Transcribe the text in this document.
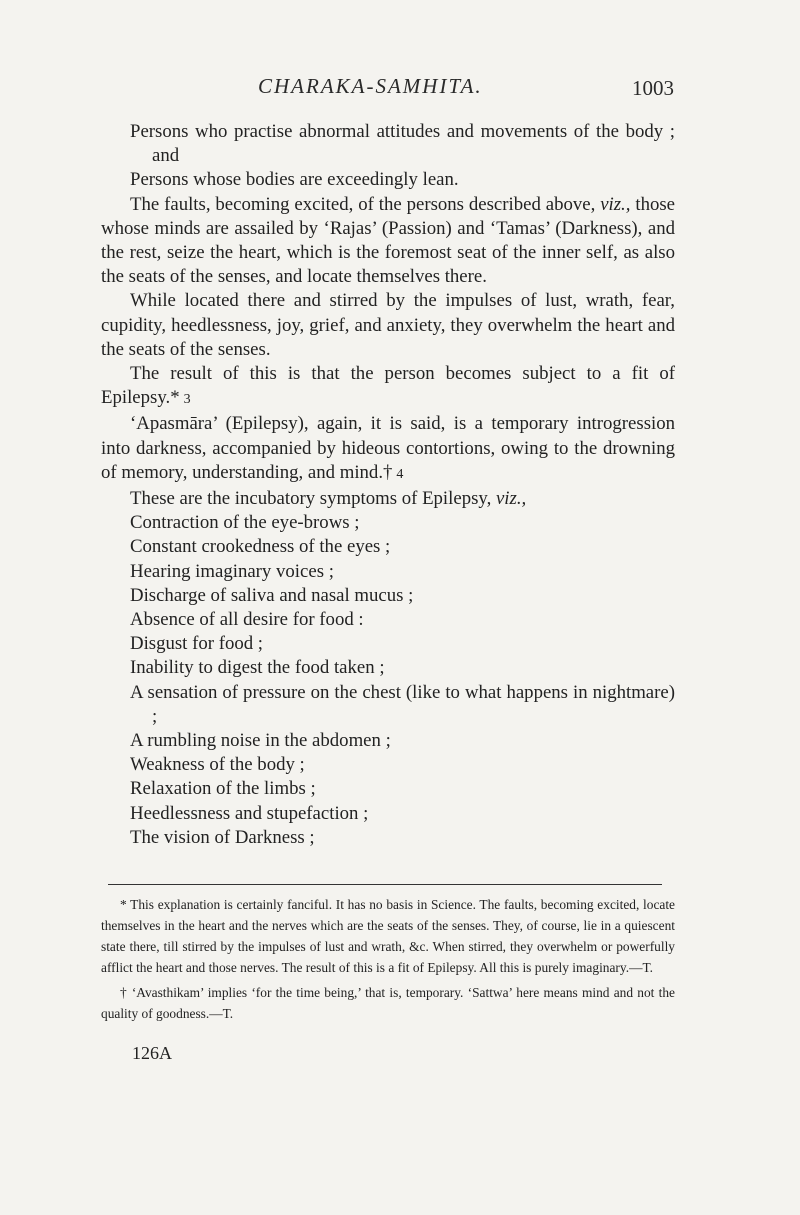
CHARAKA-SAMHITA.	1003

Persons who practise abnormal attitudes and movements of the body ; and

Persons whose bodies are exceedingly lean.

The faults, becoming excited, of the persons described above, viz., those whose minds are assailed by ‘Rajas’ (Passion) and ‘Tamas’ (Darkness), and the rest, seize the heart, which is the foremost seat of the inner self, as also the seats of the senses, and locate themselves there.

While located there and stirred by the impulses of lust, wrath, fear, cupidity, heedlessness, joy, grief, and anxiety, they overwhelm the heart and the seats of the senses.

The result of this is that the person becomes subject to a fit of Epilepsy.* 3

‘Apasmāra’ (Epilepsy), again, it is said, is a temporary introgression into darkness, accompanied by hideous contortions, owing to the drowning of memory, understanding, and mind.† 4

These are the incubatory symptoms of Epilepsy, viz.,

Contraction of the eye-brows ;

Constant crookedness of the eyes ;

Hearing imaginary voices ;

Discharge of saliva and nasal mucus ;

Absence of all desire for food :

Disgust for food ;

Inability to digest the food taken ;

A sensation of pressure on the chest (like to what happens in nightmare) ;

A rumbling noise in the abdomen ;

Weakness of the body ;

Relaxation of the limbs ;

Heedlessness and stupefaction ;

The vision of Darkness ;

* This explanation is certainly fanciful. It has no basis in Science. The faults, becoming excited, locate themselves in the heart and the nerves which are the seats of the senses. They, of course, lie in a quiescent state there, till stirred by the impulses of lust and wrath, &c. When stirred, they overwhelm or powerfully afflict the heart and those nerves. The result of this is a fit of Epilepsy. All this is purely imaginary.—T.

† ‘Avasthikam’ implies ‘for the time being,’ that is, temporary. ‘Sattwa’ here means mind and not the quality of goodness.—T.

126A
